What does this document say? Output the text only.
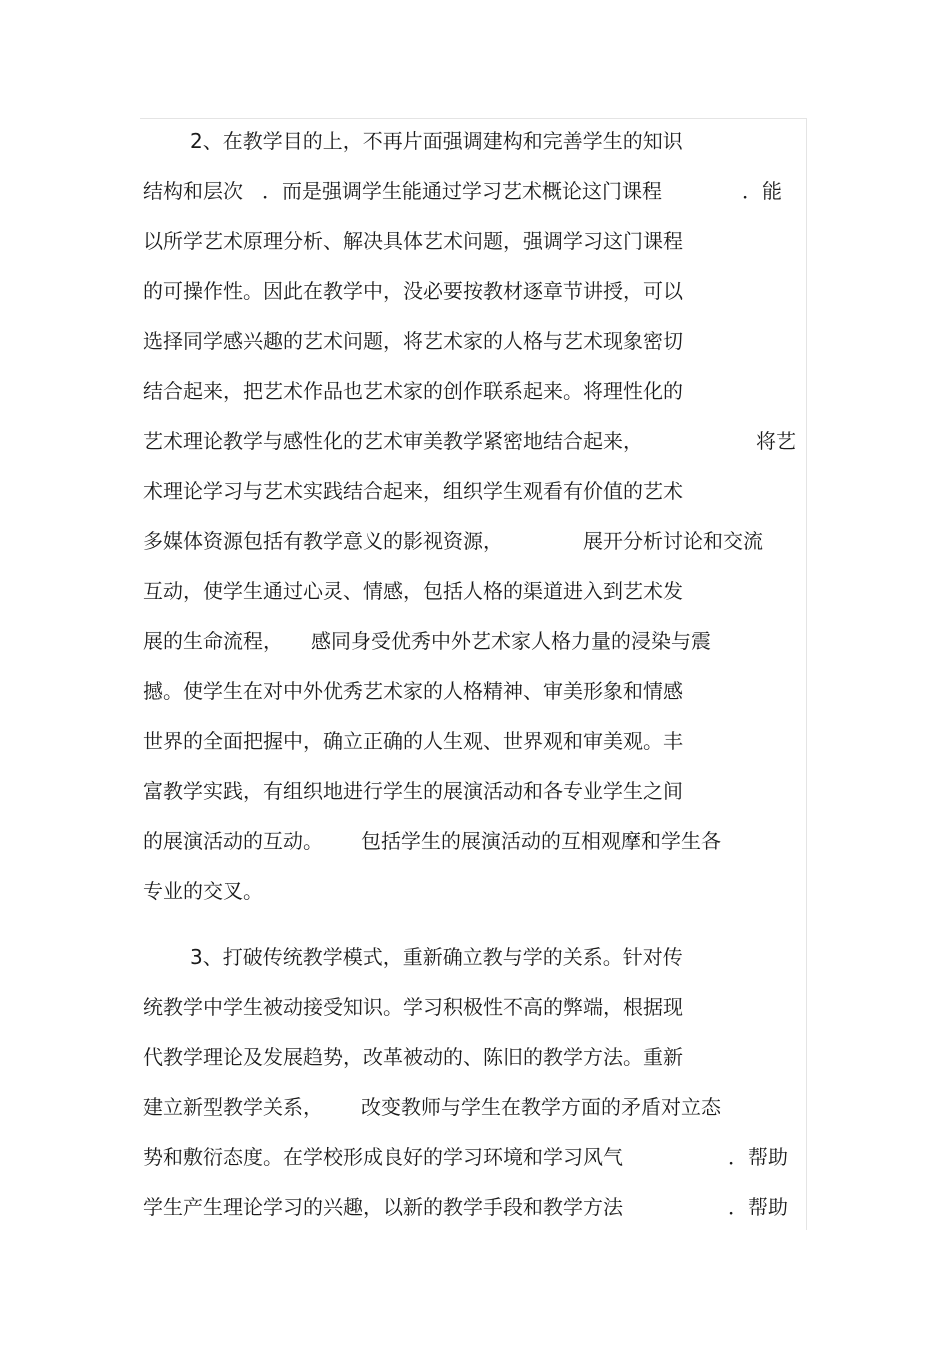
2、在教学目的上，不再片面强调建构和完善学生的知识

结构和层次

．而是强调学生能通过学习艺术概论这门课程

	．能

以所学艺术原理分析、解决具体艺术问题，强调学习这门课程

的可操作性。因此在教学中，没必要按教材逐章节讲授，可以

选择同学感兴趣的艺术问题，将艺术家的人格与艺术现象密切

结合起来，把艺术作品也艺术家的创作联系起来。将理性化的

艺术理论教学与感性化的艺术审美教学紧密地结合起来，

	将艺

术理论学习与艺术实践结合起来，组织学生观看有价值的艺术

多媒体资源包括有教学意义的影视资源，

	展开分析讨论和交流

互动，使学生通过心灵、情感，包括人格的渠道进入到艺术发

展的生命流程，

感同身受优秀中外艺术家人格力量的浸染与震

撼。使学生在对中外优秀艺术家的人格精神、审美形象和情感

世界的全面把握中，确立正确的人生观、世界观和审美观。丰

富教学实践，有组织地进行学生的展演活动和各专业学生之间

的展演活动的互动。

包括学生的展演活动的互相观摩和学生各

专业的交叉。

3、打破传统教学模式，重新确立教与学的关系。针对传

统教学中学生被动接受知识。学习积极性不高的弊端，根据现

代教学理论及发展趋势，改革被动的、陈旧的教学方法。重新

建立新型教学关系，

改变教师与学生在教学方面的矛盾对立态

势和敷衍态度。在学校形成良好的学习环境和学习风气

	．帮助

学生产生理论学习的兴趣，以新的教学手段和教学方法

	．帮助
